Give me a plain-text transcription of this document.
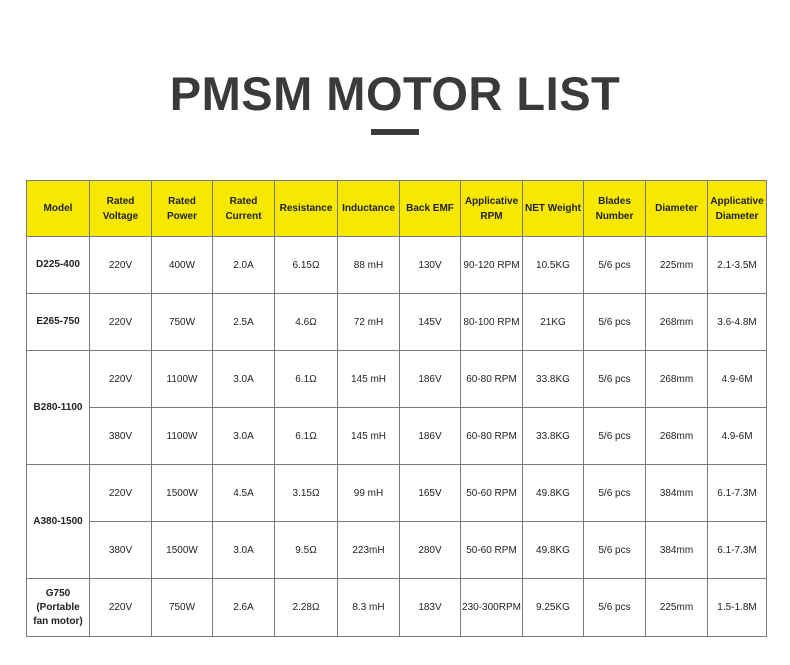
PMSM MOTOR LIST
Model	Rated Voltage	Rated Power	Rated Current	Resistance	Inductance	Back EMF	Applicative RPM	NET Weight	Blades Number	Diameter	Applicative Diameter
D225-400	220V	400W	2.0A	6.15Ω	88 mH	130V	90-120 RPM	10.5KG	5/6 pcs	225mm	2.1-3.5M
E265-750	220V	750W	2.5A	4.6Ω	72 mH	145V	80-100 RPM	21KG	5/6 pcs	268mm	3.6-4.8M
B280-1100	220V	1100W	3.0A	6.1Ω	145 mH	186V	60-80 RPM	33.8KG	5/6 pcs	268mm	4.9-6M
	380V	1100W	3.0A	6.1Ω	145 mH	186V	60-80 RPM	33.8KG	5/6 pcs	268mm	4.9-6M
A380-1500	220V	1500W	4.5A	3.15Ω	99 mH	165V	50-60 RPM	49.8KG	5/6 pcs	384mm	6.1-7.3M
	380V	1500W	3.0A	9.5Ω	223mH	280V	50-60 RPM	49.8KG	5/6 pcs	384mm	6.1-7.3M
G750 (Portable fan motor)	220V	750W	2.6A	2.28Ω	8.3 mH	183V	230-300RPM	9.25KG	5/6 pcs	225mm	1.5-1.8M
